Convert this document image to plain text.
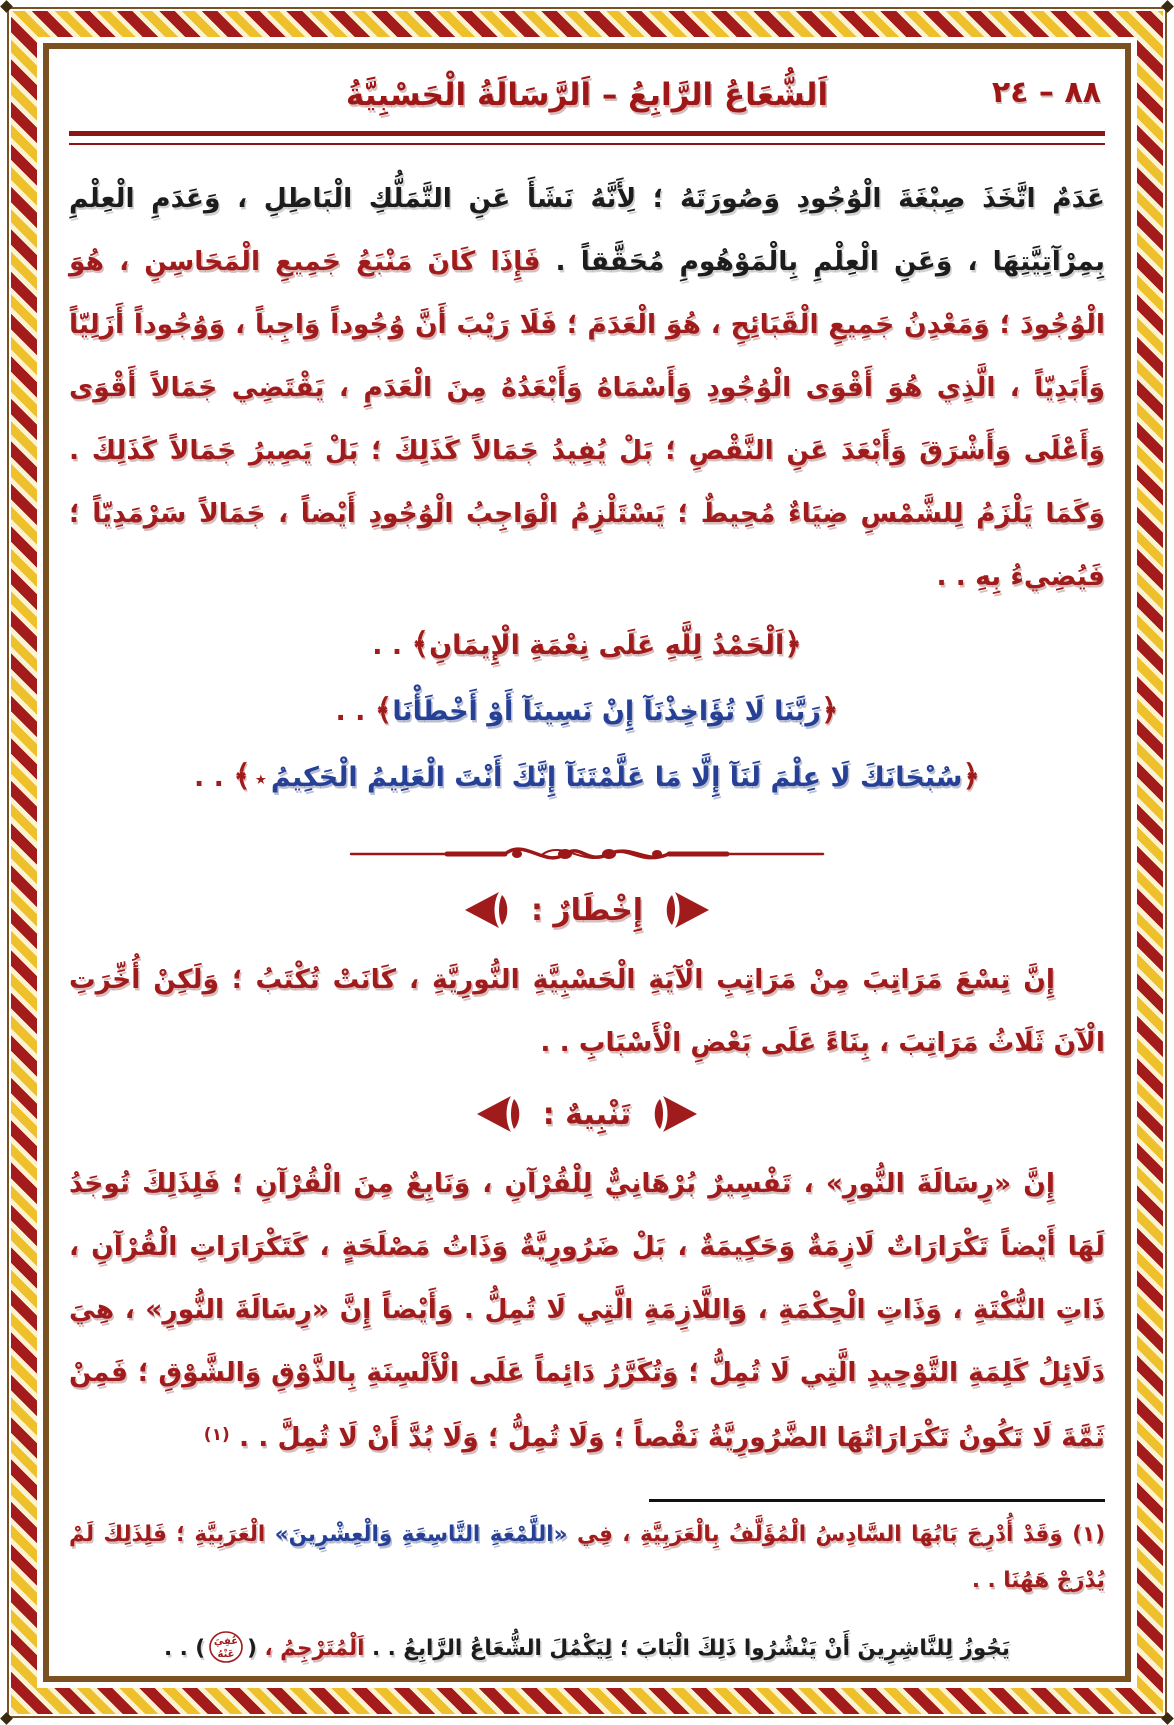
٨٨ – ٢٤
اَلشُّعَاعُ الرَّابِعُ – اَلرَّسَالَةُ الْحَسْبِيَّةُ

عَدَمٌ اتَّخَذَ صِبْغَةَ الْوُجُودِ وَصُورَتَهُ ؛ لِأَنَّهُ نَشَأَ عَنِ التَّمَلُّكِ الْبَاطِلِ ، وَعَدَمِ الْعِلْمِ بِمِرْآتِيَّتِهَا ، وَعَنِ الْعِلْمِ بِالْمَوْهُومِ مُحَقَّقاً . فَإِذَا كَانَ مَنْبَعُ جَمِيعِ الْمَحَاسِنِ ، هُوَ الْوُجُودَ ؛ وَمَعْدِنُ جَمِيعِ الْقَبَائِحِ ، هُوَ الْعَدَمَ ؛ فَلَا رَيْبَ أَنَّ وُجُوداً وَاجِباً ، وَوُجُوداً أَزَلِيّاً وَأَبَدِيّاً ، الَّذِي هُوَ أَقْوَى الْوُجُودِ وَأَسْمَاهُ وَأَبْعَدُهُ مِنَ الْعَدَمِ ، يَقْتَضِي جَمَالاً أَقْوَى وَأَعْلَى وَأَشْرَقَ وَأَبْعَدَ عَنِ النَّقْصِ ؛ بَلْ يُفِيدُ جَمَالاً كَذَلِكَ ؛ بَلْ يَصِيرُ جَمَالاً كَذَلِكَ . وَكَمَا يَلْزَمُ لِلشَّمْسِ ضِيَاءٌ مُحِيطٌ ؛ يَسْتَلْزِمُ الْوَاجِبُ الْوُجُودِ أَيْضاً ، جَمَالاً سَرْمَدِيّاً ؛ فَيُضِيءُ بِهِ . .

﴿اَلْحَمْدُ لِلَّهِ عَلَى نِعْمَةِ الْإِيمَانِ﴾ . .
﴿رَبَّنَا لَا تُؤَاخِذْنَآ إِنْ نَسِينَآ أَوْ أَخْطَأْنَا﴾ . .
﴿سُبْحَانَكَ لَا عِلْمَ لَنَآ إِلَّا مَا عَلَّمْتَنَآ إِنَّكَ أَنْتَ الْعَلِيمُ الْحَكِيمُ٭﴾ . .
إِخْطَارٌ :

إِنَّ تِسْعَ مَرَاتِبَ مِنْ مَرَاتِبِ الْآيَةِ الْحَسْبِيَّةِ النُّورِيَّةِ ، كَانَتْ تُكْتَبُ ؛ وَلَكِنْ أُخِّرَتِ الْآنَ ثَلَاثُ مَرَاتِبَ ، بِنَاءً عَلَى بَعْضِ الْأَسْبَابِ . .

تَنْبِيهٌ :

إِنَّ «رِسَالَةَ النُّورِ» ، تَفْسِيرٌ بُرْهَانِيٌّ لِلْقُرْآنِ ، وَنَابِعٌ مِنَ الْقُرْآنِ ؛ فَلِذَلِكَ تُوجَدُ لَهَا أَيْضاً تَكْرَارَاتٌ لَازِمَةٌ وَحَكِيمَةٌ ، بَلْ ضَرُورِيَّةٌ وَذَاتُ مَصْلَحَةٍ ، كَتَكْرَارَاتِ الْقُرْآنِ ، ذَاتِ النُّكْتَةِ ، وَذَاتِ الْحِكْمَةِ ، وَاللَّازِمَةِ الَّتِي لَا تُمِلُّ . وَأَيْضاً إِنَّ «رِسَالَةَ النُّورِ» ، هِيَ دَلَائِلُ كَلِمَةِ التَّوْحِيدِ الَّتِي لَا تُمِلُّ ؛ وَتُكَرَّرُ دَائِماً عَلَى الْأَلْسِنَةِ بِالذَّوْقِ وَالشَّوْقِ ؛ فَمِنْ ثَمَّةَ لَا تَكُونُ تَكْرَارَاتُهَا الضَّرُورِيَّةُ نَقْصاً ؛ وَلَا تُمِلُّ ؛ وَلَا بُدَّ أَنْ لَا تُمِلَّ . . $^{(١)}$

(١) وَقَدْ أُدْرِجَ بَابُهَا السَّادِسُ الْمُؤَلَّفُ بِالْعَرَبِيَّةِ ، فِي «اللَّمْعَةِ التَّاسِعَةِ وَالْعِشْرِينَ» الْعَرَبِيَّةِ ؛ فَلِذَلِكَ لَمْ يُدْرَجْ هَهُنَا . .

يَجُوزُ لِلنَّاشِرِينَ أَنْ يَنْشُرُوا ذَلِكَ الْبَابَ ؛ لِيَكْمُلَ الشُّعَاعُ الرَّابِعُ . . اَلْمُتَرْجِمُ ، (
عُفِيَ
عَنْهُ
) . .
